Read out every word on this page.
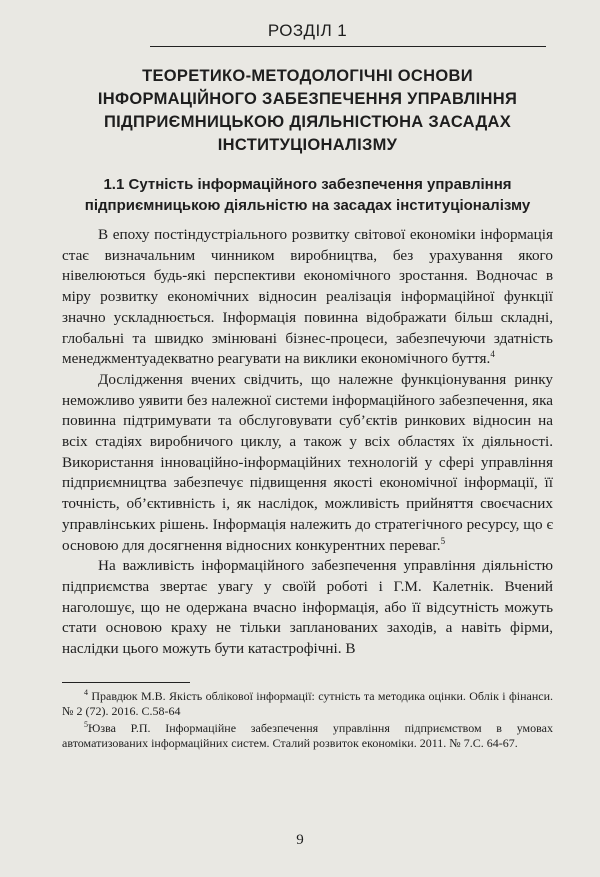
РОЗДІЛ 1
ТЕОРЕТИКО-МЕТОДОЛОГІЧНІ ОСНОВИ
ІНФОРМАЦІЙНОГО ЗАБЕЗПЕЧЕННЯ УПРАВЛІННЯ
ПІДПРИЄМНИЦЬКОЮ ДІЯЛЬНІСТЮНА ЗАСАДАХ
ІНСТИТУЦІОНАЛІЗМУ
1.1 Сутність інформаційного забезпечення управління
підприємницькою діяльністю на засадах інституціоналізму

В епоху постіндустріального розвитку світової економіки інформація стає визначальним чинником виробництва, без урахування якого нівелюються будь-які перспективи економічного зростання. Водночас в міру розвитку економічних відносин реалізація інформаційної функції значно ускладнюється. Інформація повинна відображати більш складні, глобальні та швидко змінювані бізнес-процеси, забезпечуючи здатність менеджментуадекватно реагувати на виклики економічного буття.$^4$

Дослідження вчених свідчить, що належне функціонування ринку неможливо уявити без належної системи інформаційного забезпечення, яка повинна підтримувати та обслуговувати суб’єктів ринкових відносин на всіх стадіях виробничого циклу, а також у всіх областях їх діяльності. Використання інноваційно-інформаційних технологій у сфері управління підприємництва забезпечує підвищення якості економічної інформації, її точність, об’єктивність і, як наслідок, можливість прийняття своєчасних управлінських рішень. Інформація належить до стратегічного ресурсу, що є основою для досягнення відносних конкурентних переваг.$^5$

На важливість інформаційного забезпечення управління діяльністю підприємства звертає увагу у своїй роботі і Г.М. Калетнік. Вчений наголошує, що не одержана вчасно інформація, або її відсутність можуть стати основою краху не тільки запланованих заходів, а навіть фірми, наслідки цього можуть бути катастрофічні. В

$^4$ Правдюк М.В. Якість облікової інформації: сутність та методика оцінки. Облік і фінанси. № 2 (72). 2016. С.58-64

$^5$Юзва Р.П. Інформаційне забезпечення управління підприємством в умовах автоматизованих інформаційних систем. Сталий розвиток економіки. 2011. № 7.С. 64-67.

9
